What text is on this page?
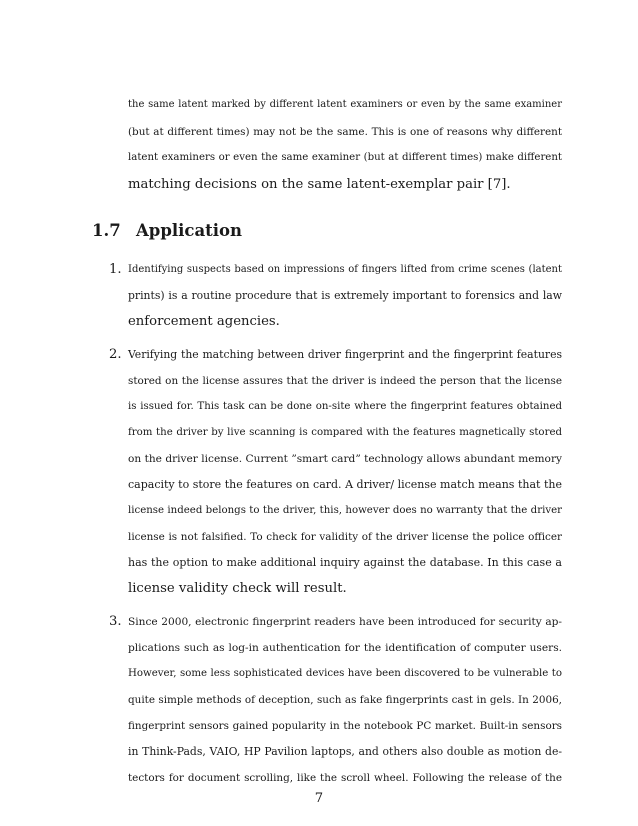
the same latent marked by different latent examiners or even by the same examiner
(but at different times) may not be the same. This is one of reasons why different
latent examiners or even the same examiner (but at different times) make different
matching decisions on the same latent-exemplar pair [7].
1.7 Application
1. Identifying suspects based on impressions of fingers lifted from crime scenes (latent
prints) is a routine procedure that is extremely important to forensics and law
enforcement agencies.
2. Verifying the matching between driver fingerprint and the fingerprint features
stored on the license assures that the driver is indeed the person that the license
is issued for. This task can be done on-site where the fingerprint features obtained
from the driver by live scanning is compared with the features magnetically stored
on the driver license. Current ”smart card” technology allows abundant memory
capacity to store the features on card. A driver/ license match means that the
license indeed belongs to the driver, this, however does no warranty that the driver
license is not falsified. To check for validity of the driver license the police officer
has the option to make additional inquiry against the database. In this case a
license validity check will result.
3. Since 2000, electronic fingerprint readers have been introduced for security ap-
plications such as log-in authentication for the identification of computer users.
However, some less sophisticated devices have been discovered to be vulnerable to
quite simple methods of deception, such as fake fingerprints cast in gels. In 2006,
fingerprint sensors gained popularity in the notebook PC market. Built-in sensors
in Think-Pads, VAIO, HP Pavilion laptops, and others also double as motion de-
tectors for document scrolling, like the scroll wheel. Following the release of the
7
